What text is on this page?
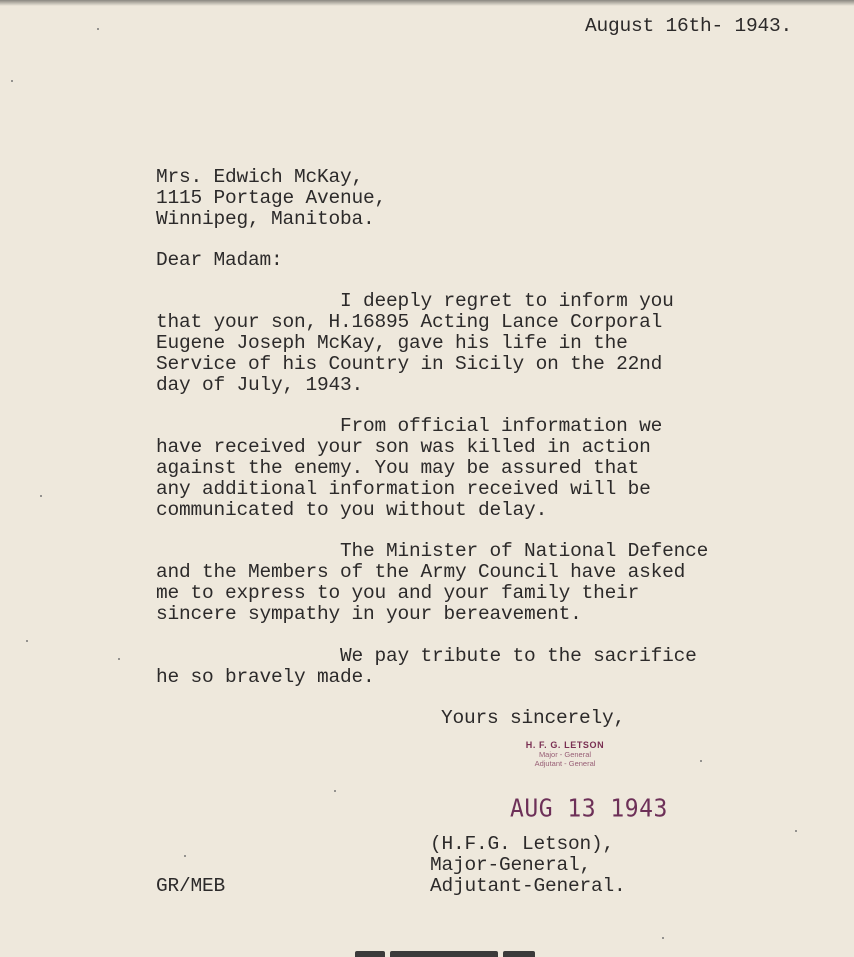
August 16th- 1943.
Mrs. Edwich McKay,
1115 Portage Avenue,
Winnipeg, Manitoba.
Dear Madam:
I deeply regret to inform you
that your son, H.16895 Acting Lance Corporal
Eugene Joseph McKay, gave his life in the
Service of his Country in Sicily on the 22nd
day of July, 1943.
From official information we
have received your son was killed in action
against the enemy. You may be assured that
any additional information received will be
communicated to you without delay.
The Minister of National Defence
and the Members of the Army Council have asked
me to express to you and your family their
sincere sympathy in your bereavement.
We pay tribute to the sacrifice
he so bravely made.
Yours sincerely,
H. F. G. LETSON
Major - General
Adjutant - General
AUG 13 1943
(H.F.G. Letson),
Major-General,
Adjutant-General.
GR/MEB
